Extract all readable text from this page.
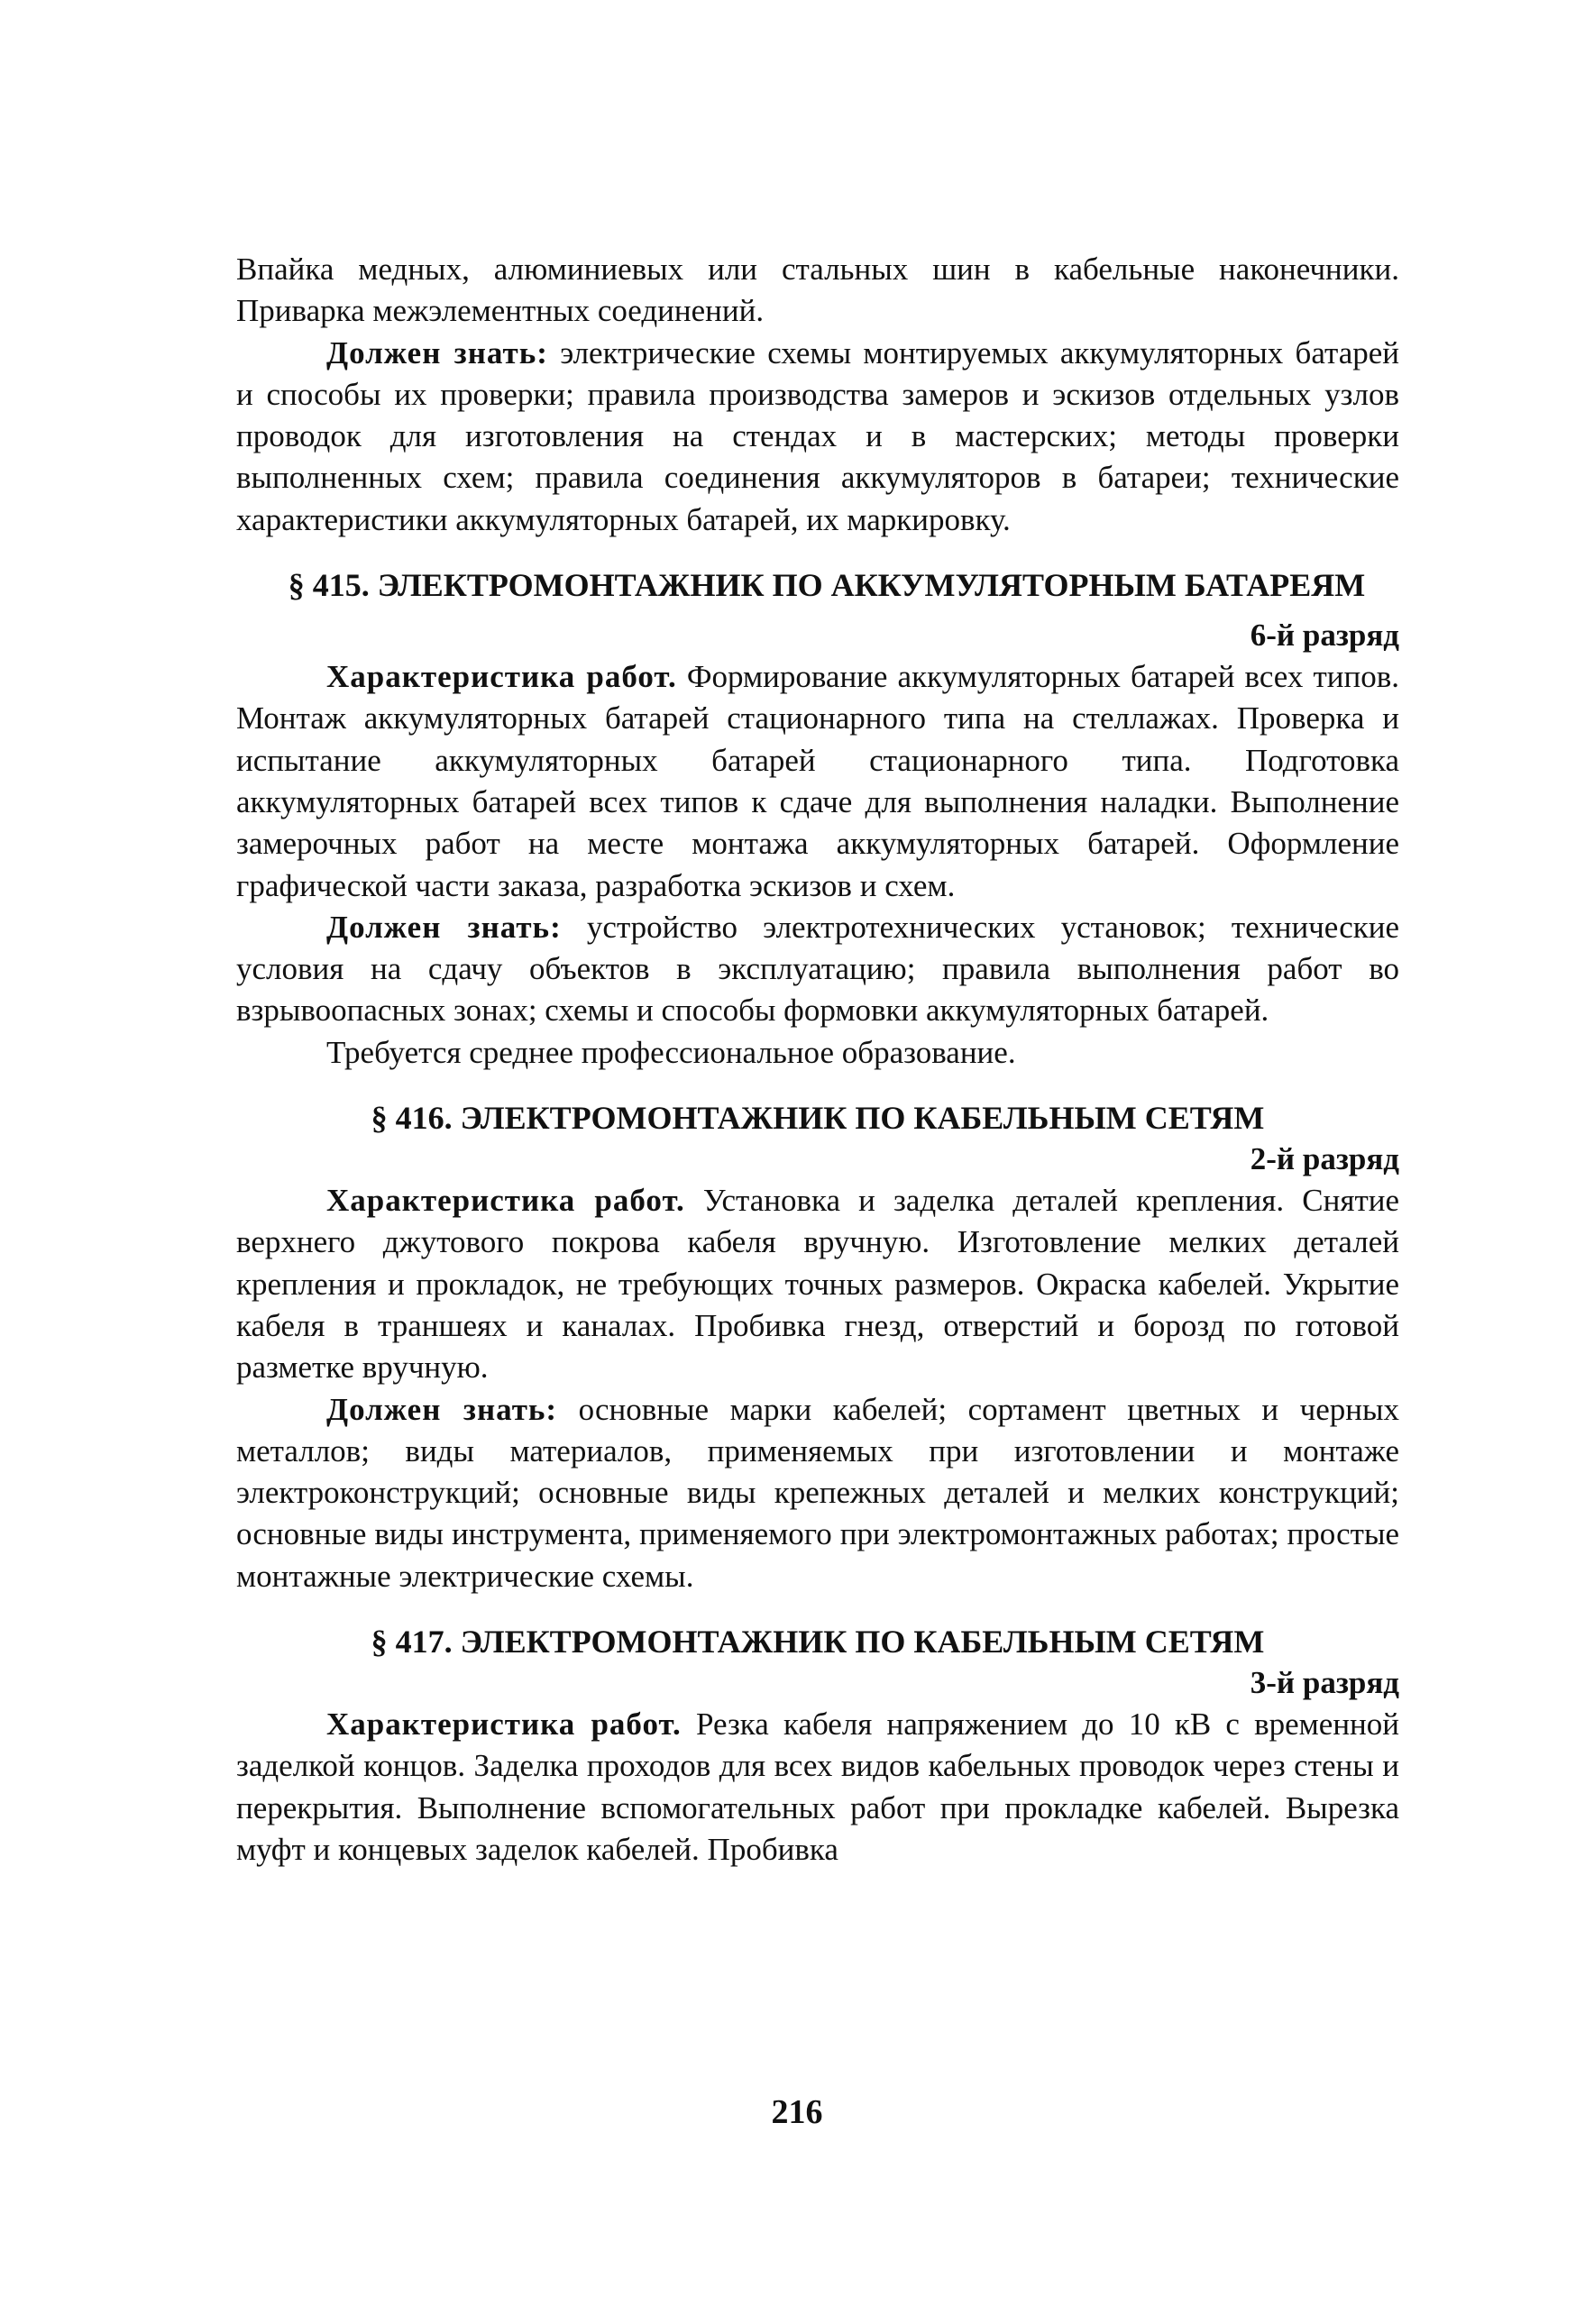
Впайка медных, алюминиевых или стальных шин в кабельные наконечники. Приварка межэлементных соединений.

Должен знать: электрические схемы монтируемых аккумуляторных батарей и способы их проверки; правила производства замеров и эскизов отдельных узлов проводок для изготовления на стендах и в мастерских; методы проверки выполненных схем; правила соединения аккумуляторов в батареи; технические характеристики аккумуляторных батарей, их маркировку.

§ 415. ЭЛЕКТРОМОНТАЖНИК ПО АККУМУЛЯТОРНЫМ БАТАРЕЯМ
6-й разряд

Характеристика работ. Формирование аккумуляторных батарей всех типов. Монтаж аккумуляторных батарей стационарного типа на стеллажах. Проверка и испытание аккумуляторных батарей стационарного типа. Подготовка аккумуляторных батарей всех типов к сдаче для выполнения наладки. Выполнение замерочных работ на месте монтажа аккумуляторных батарей. Оформление графической части заказа, разработка эскизов и схем.

Должен знать: устройство электротехнических установок; технические условия на сдачу объектов в эксплуатацию; правила выполнения работ во взрывоопасных зонах; схемы и способы формовки аккумуляторных батарей.

Требуется среднее профессиональное образование.

§ 416. ЭЛЕКТРОМОНТАЖНИК ПО КАБЕЛЬНЫМ СЕТЯМ
2-й разряд

Характеристика работ. Установка и заделка деталей крепления. Снятие верхнего джутового покрова кабеля вручную. Изготовление мелких деталей крепления и прокладок, не требующих точных размеров. Окраска кабелей. Укрытие кабеля в траншеях и каналах. Пробивка гнезд, отверстий и борозд по готовой разметке вручную.

Должен знать: основные марки кабелей; сортамент цветных и черных металлов; виды материалов, применяемых при изготовлении и монтаже электроконструкций; основные виды крепежных деталей и мелких конструкций; основные виды инструмента, применяемого при электромонтажных работах; простые монтажные электрические схемы.

§ 417. ЭЛЕКТРОМОНТАЖНИК ПО КАБЕЛЬНЫМ СЕТЯМ
3-й разряд

Характеристика работ. Резка кабеля напряжением до 10 кВ с временной заделкой концов. Заделка проходов для всех видов кабельных проводок через стены и перекрытия. Выполнение вспомогательных работ при прокладке кабелей. Вырезка муфт и концевых заделок кабелей. Пробивка

216
